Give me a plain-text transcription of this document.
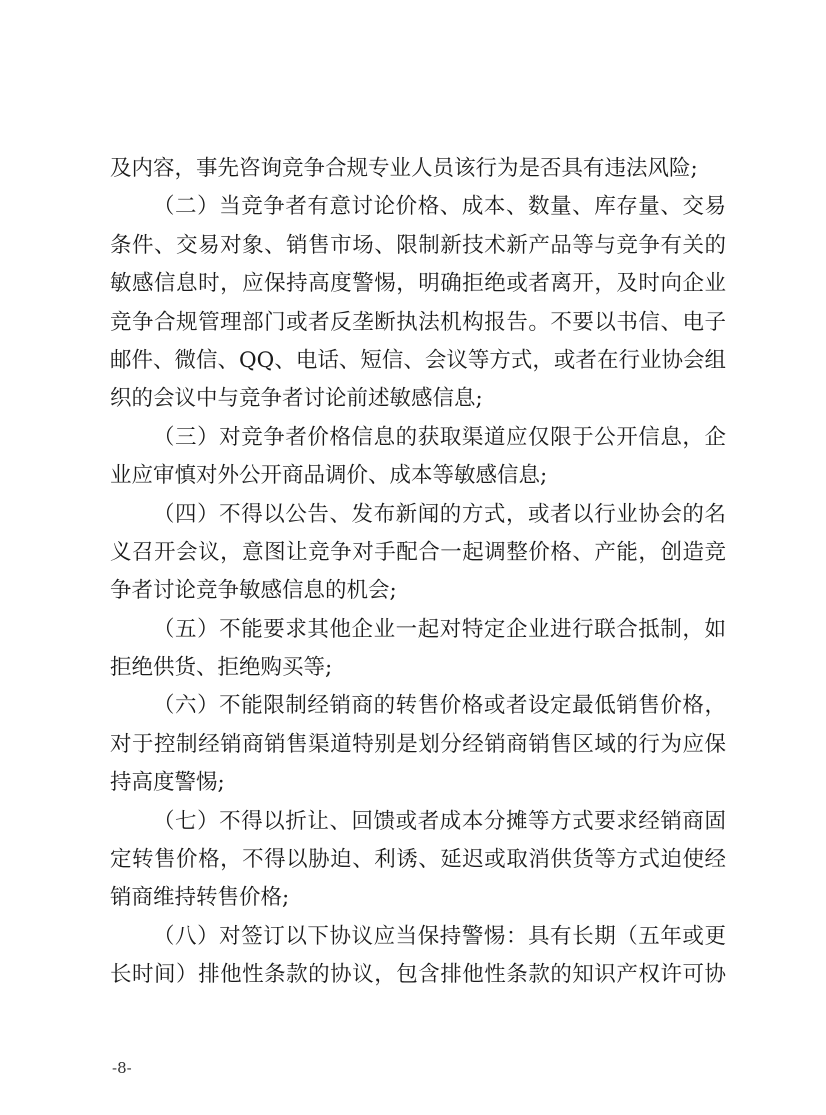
及内容，事先咨询竞争合规专业人员该行为是否具有违法风险;
（二）当竞争者有意讨论价格、成本、数量、库存量、交易
条件、交易对象、销售市场、限制新技术新产品等与竞争有关的
敏感信息时，应保持高度警惕，明确拒绝或者离开，及时向企业
竞争合规管理部门或者反垄断执法机构报告。不要以书信、电子
邮件、微信、QQ、电话、短信、会议等方式，或者在行业协会组
织的会议中与竞争者讨论前述敏感信息;
（三）对竞争者价格信息的获取渠道应仅限于公开信息，企
业应审慎对外公开商品调价、成本等敏感信息;
（四）不得以公告、发布新闻的方式，或者以行业协会的名
义召开会议，意图让竞争对手配合一起调整价格、产能，创造竞
争者讨论竞争敏感信息的机会;
（五）不能要求其他企业一起对特定企业进行联合抵制，如
拒绝供货、拒绝购买等;
（六）不能限制经销商的转售价格或者设定最低销售价格，
对于控制经销商销售渠道特别是划分经销商销售区域的行为应保
持高度警惕;
（七）不得以折让、回馈或者成本分摊等方式要求经销商固
定转售价格，不得以胁迫、利诱、延迟或取消供货等方式迫使经
销商维持转售价格;
（八）对签订以下协议应当保持警惕：具有长期（五年或更
长时间）排他性条款的协议，包含排他性条款的知识产权许可协
-8-
